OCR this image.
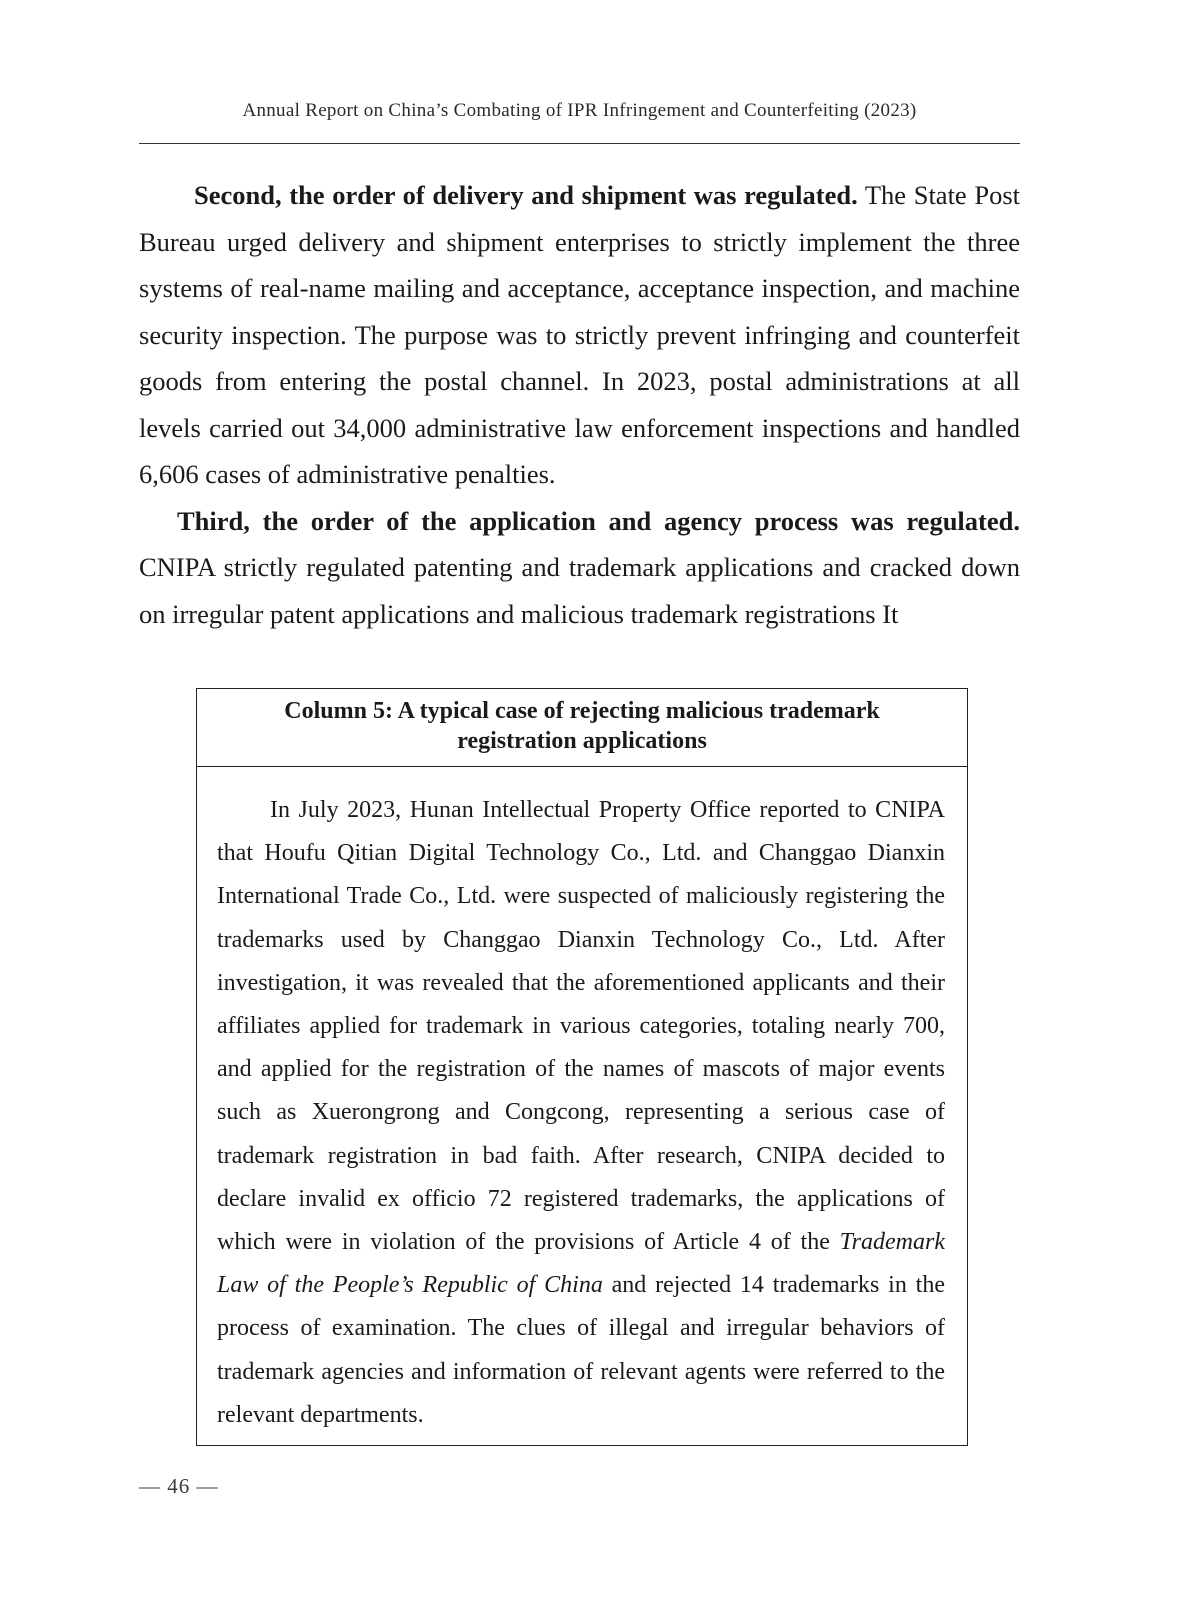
Annual Report on China’s Combating of IPR Infringement and Counterfeiting (2023)

Second, the order of delivery and shipment was regulated. The State Post Bureau urged delivery and shipment enterprises to strictly implement the three systems of real-name mailing and acceptance, acceptance inspection, and machine security inspection. The purpose was to strictly prevent infringing and counterfeit goods from entering the postal channel. In 2023, postal administrations at all levels carried out 34,000 administrative law enforcement inspections and handled 6,606 cases of administrative penalties.

Third, the order of the application and agency process was regulated. CNIPA strictly regulated patenting and trademark applications and cracked down on irregular patent applications and malicious trademark registrations It

Column 5: A typical case of rejecting malicious trademark
registration applications

In July 2023, Hunan Intellectual Property Office reported to CNIPA that Houfu Qitian Digital Technology Co., Ltd. and Changgao Dianxin International Trade Co., Ltd. were suspected of maliciously registering the trademarks used by Changgao Dianxin Technology Co., Ltd. After investigation, it was revealed that the aforementioned applicants and their affiliates applied for trademark in various categories, totaling nearly 700, and applied for the registration of the names of mascots of major events such as Xuerongrong and Congcong, representing a serious case of trademark registration in bad faith. After research, CNIPA decided to declare invalid ex officio 72 registered trademarks, the applications of which were in violation of the provisions of Article 4 of the Trademark Law of the People’s Republic of China and rejected 14 trademarks in the process of examination. The clues of illegal and irregular behaviors of trademark agencies and information of relevant agents were referred to the relevant departments.

— 46 —
